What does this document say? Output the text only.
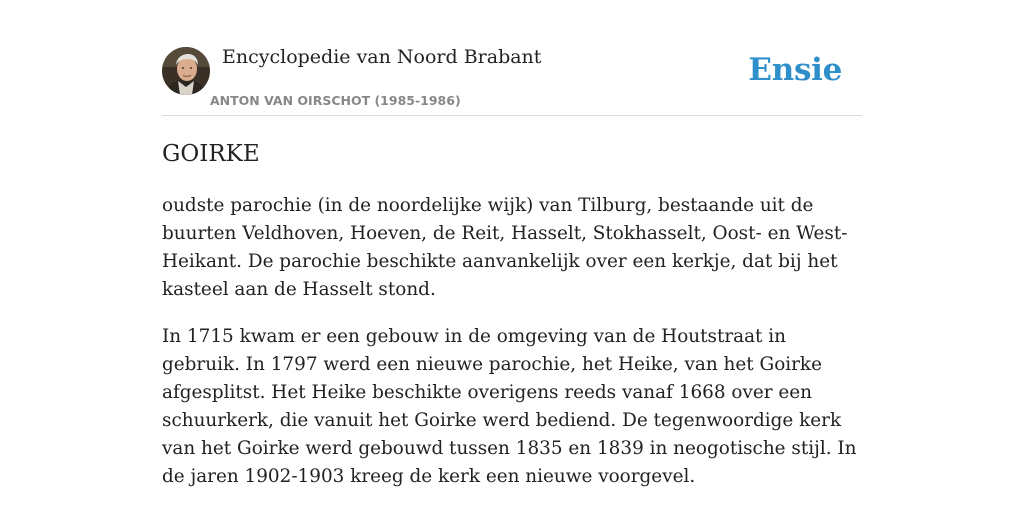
Encyclopedie van Noord Brabant
ANTON VAN OIRSCHOT (1985-1986)
Ensie
GOIRKE

oudste parochie (in de noordelijke wijk) van Tilburg, bestaande uit de buurten Veldhoven, Hoeven, de Reit, Hasselt, Stokhasselt, Oost- en West-Heikant. De parochie beschikte aanvankelijk over een kerkje, dat bij het kasteel aan de Hasselt stond.

In 1715 kwam er een gebouw in de omgeving van de Houtstraat in gebruik. In 1797 werd een nieuwe parochie, het Heike, van het Goirke afgesplitst. Het Heike beschikte overigens reeds vanaf 1668 over een schuurkerk, die vanuit het Goirke werd bediend. De tegenwoordige kerk van het Goirke werd gebouwd tussen 1835 en 1839 in neogotische stijl. In de jaren 1902-1903 kreeg de kerk een nieuwe voorgevel.
